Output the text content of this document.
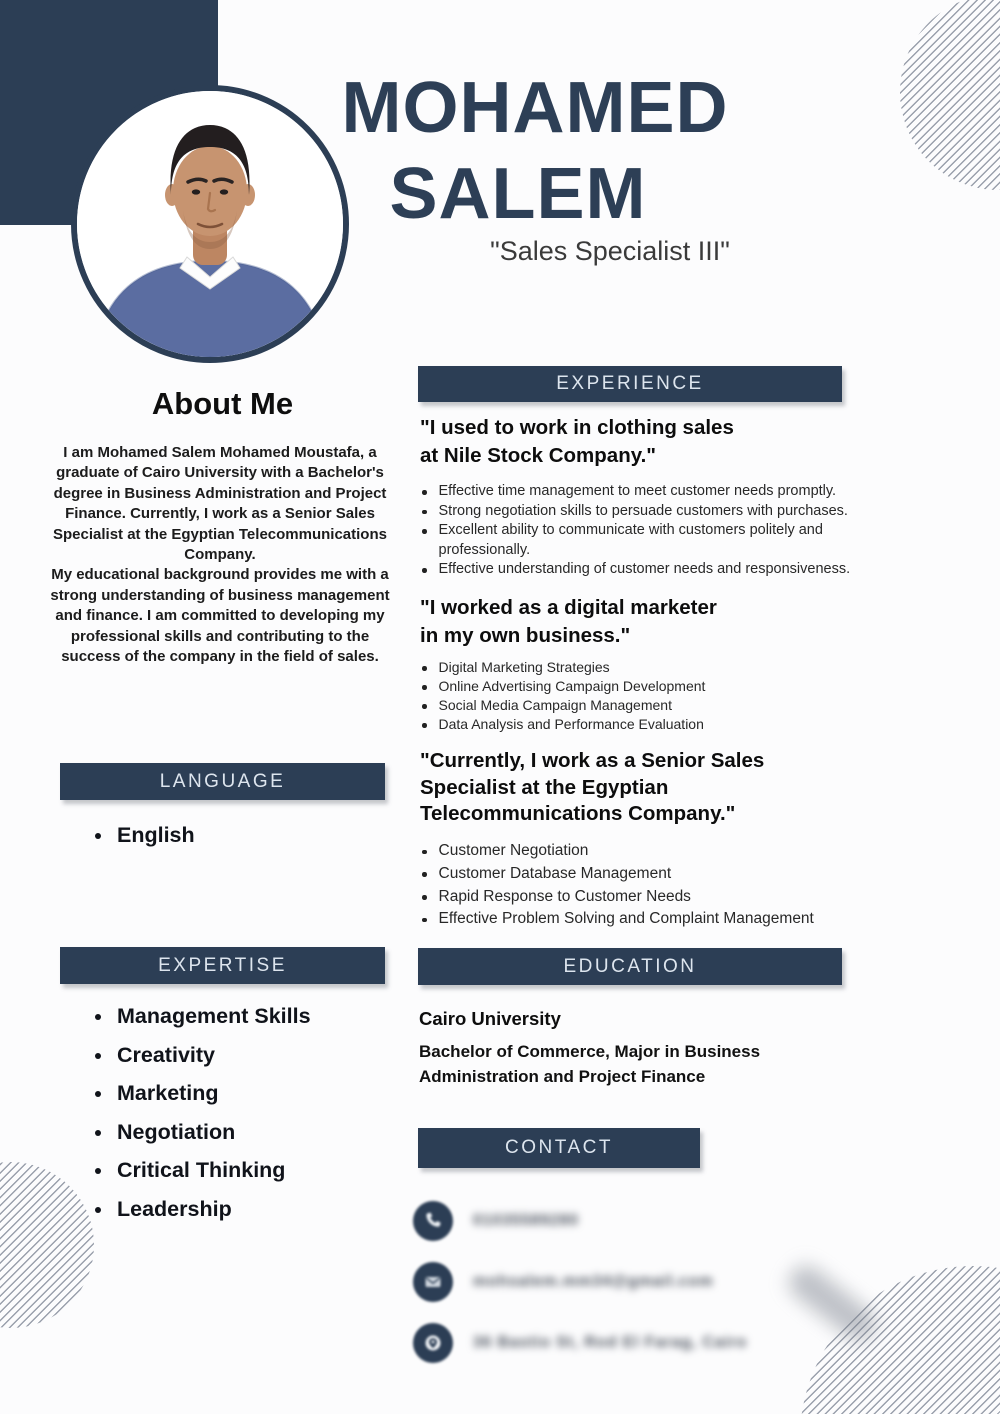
MOHAMED
SALEM
"Sales Specialist III"
About Me

I am Mohamed Salem Mohamed Moustafa, a graduate of Cairo University with a Bachelor's degree in Business Administration and Project Finance. Currently, I work as a Senior Sales Specialist at the Egyptian Telecommunications Company.

My educational background provides me with a strong understanding of business management and finance. I am committed to developing my professional skills and contributing to the success of the company in the field of sales.

EXPERIENCE
LANGUAGE
EXPERTISE	EDUCATION
CONTACT
English
Management Skills
Creativity
Marketing
Negotiation
Critical Thinking
Leadership
"I used to work in clothing sales
at Nile Stock Company."
Effective time management to meet customer needs promptly.
Strong negotiation skills to persuade customers with purchases.
Excellent ability to communicate with customers politely and professionally.
Effective understanding of customer needs and responsiveness.
"I worked as a digital marketer
in my own business."
Digital Marketing Strategies
Online Advertising Campaign Development
Social Media Campaign Management
Data Analysis and Performance Evaluation
"Currently, I work as a Senior Sales
Specialist at the Egyptian
Telecommunications Company."
Customer Negotiation
Customer Database Management
Rapid Response to Customer Needs
Effective Problem Solving and Complaint Management
Cairo University
Bachelor of Commerce, Major in Business Administration and Project Finance
01035589280
mohsalem.mm34@gmail.com
36 Bastio St, Rod El Farag, Cairo
